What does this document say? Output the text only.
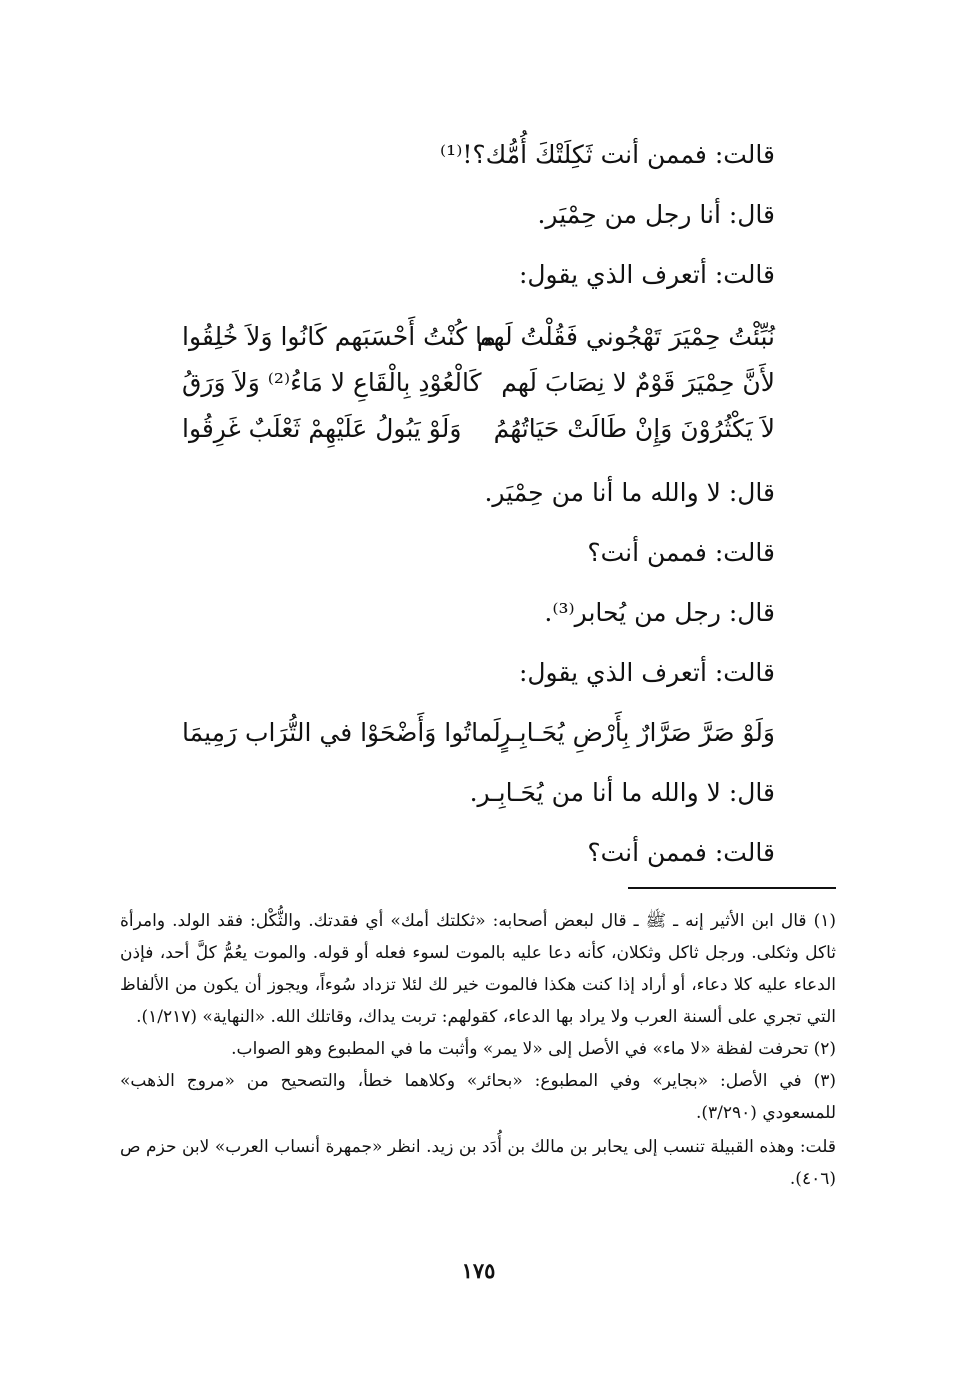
قالت: فممن أنت ثَكِلَتْكَ أُمُّك؟!⁽¹⁾
قال: أنا رجل من حِمْيَر.
قالت: أتعرف الذي يقول:
نُبِّئْتُ حِمْيَرَ تَهْجُوني فَقُلْتُ لَهم
ما كُنْتُ أَحْسَبَهم كَانُوا وَلاَ خُلِقُوا
لأَنَّ حِمْيَرَ قَوْمٌ لا نِصَابَ لَهم
كَالْعُوْدِ بِالْقَاعِ لا مَاءُ⁽²⁾ وَلاَ وَرَقُ
لاَ يَكْثُرُوْنَ وَإِنْ طَالَتْ حَيَاتُهُمُ
وَلَوْ يَبُولُ عَلَيْهِمْ ثَعْلَبٌ غَرِقُوا
قال: لا والله ما أنا من حِمْيَر.
قالت: فممن أنت؟
قال: رجل من يُحابر⁽³⁾.
قالت: أتعرف الذي يقول:
وَلَوْ صَرَّ صَرَّارٌ بِأَرْضِ يُحَـابِـرٍ
لَماتُوا وَأَضْحَوْا في التُّرَاب رَمِيمَا
قال: لا والله ما أنا من يُحَـابِـر.
قالت: فممن أنت؟

(١) قال ابن الأثير إنه ـ ﷺ ـ قال لبعض أصحابه: «ثكلتك أمك» أي فقدتك. والثُّكْل: فقد الولد. وامرأة ثاكل وثكلى. ورجل ثاكل وثكلان، كأنه دعا عليه بالموت لسوء فعله أو قوله. والموت يعُمُّ كلَّ أحد، فإذن الدعاء عليه كلا دعاء، أو أراد إذا كنت هكذا فالموت خير لك لئلا تزداد سُوءاً، ويجوز أن يكون من الألفاظ التي تجري على ألسنة العرب ولا يراد بها الدعاء، كقولهم: تربت يداك، وقاتلك الله. «النهاية» (١/٢١٧).

(٢) تحرفت لفظة «لا ماء» في الأصل إلى «لا يمر» وأثبت ما في المطبوع وهو الصواب.

(٣) في الأصل: «بجاير» وفي المطبوع: «بحائر» وكلاهما خطأ، والتصحيح من «مروج الذهب» للمسعودي (٣/٢٩٠).

قلت: وهذه القبيلة تنسب إلى يحابر بن مالك بن أُدَد بن زيد. انظر «جمهرة أنساب العرب» لابن حزم ص (٤٠٦).

١٧٥
